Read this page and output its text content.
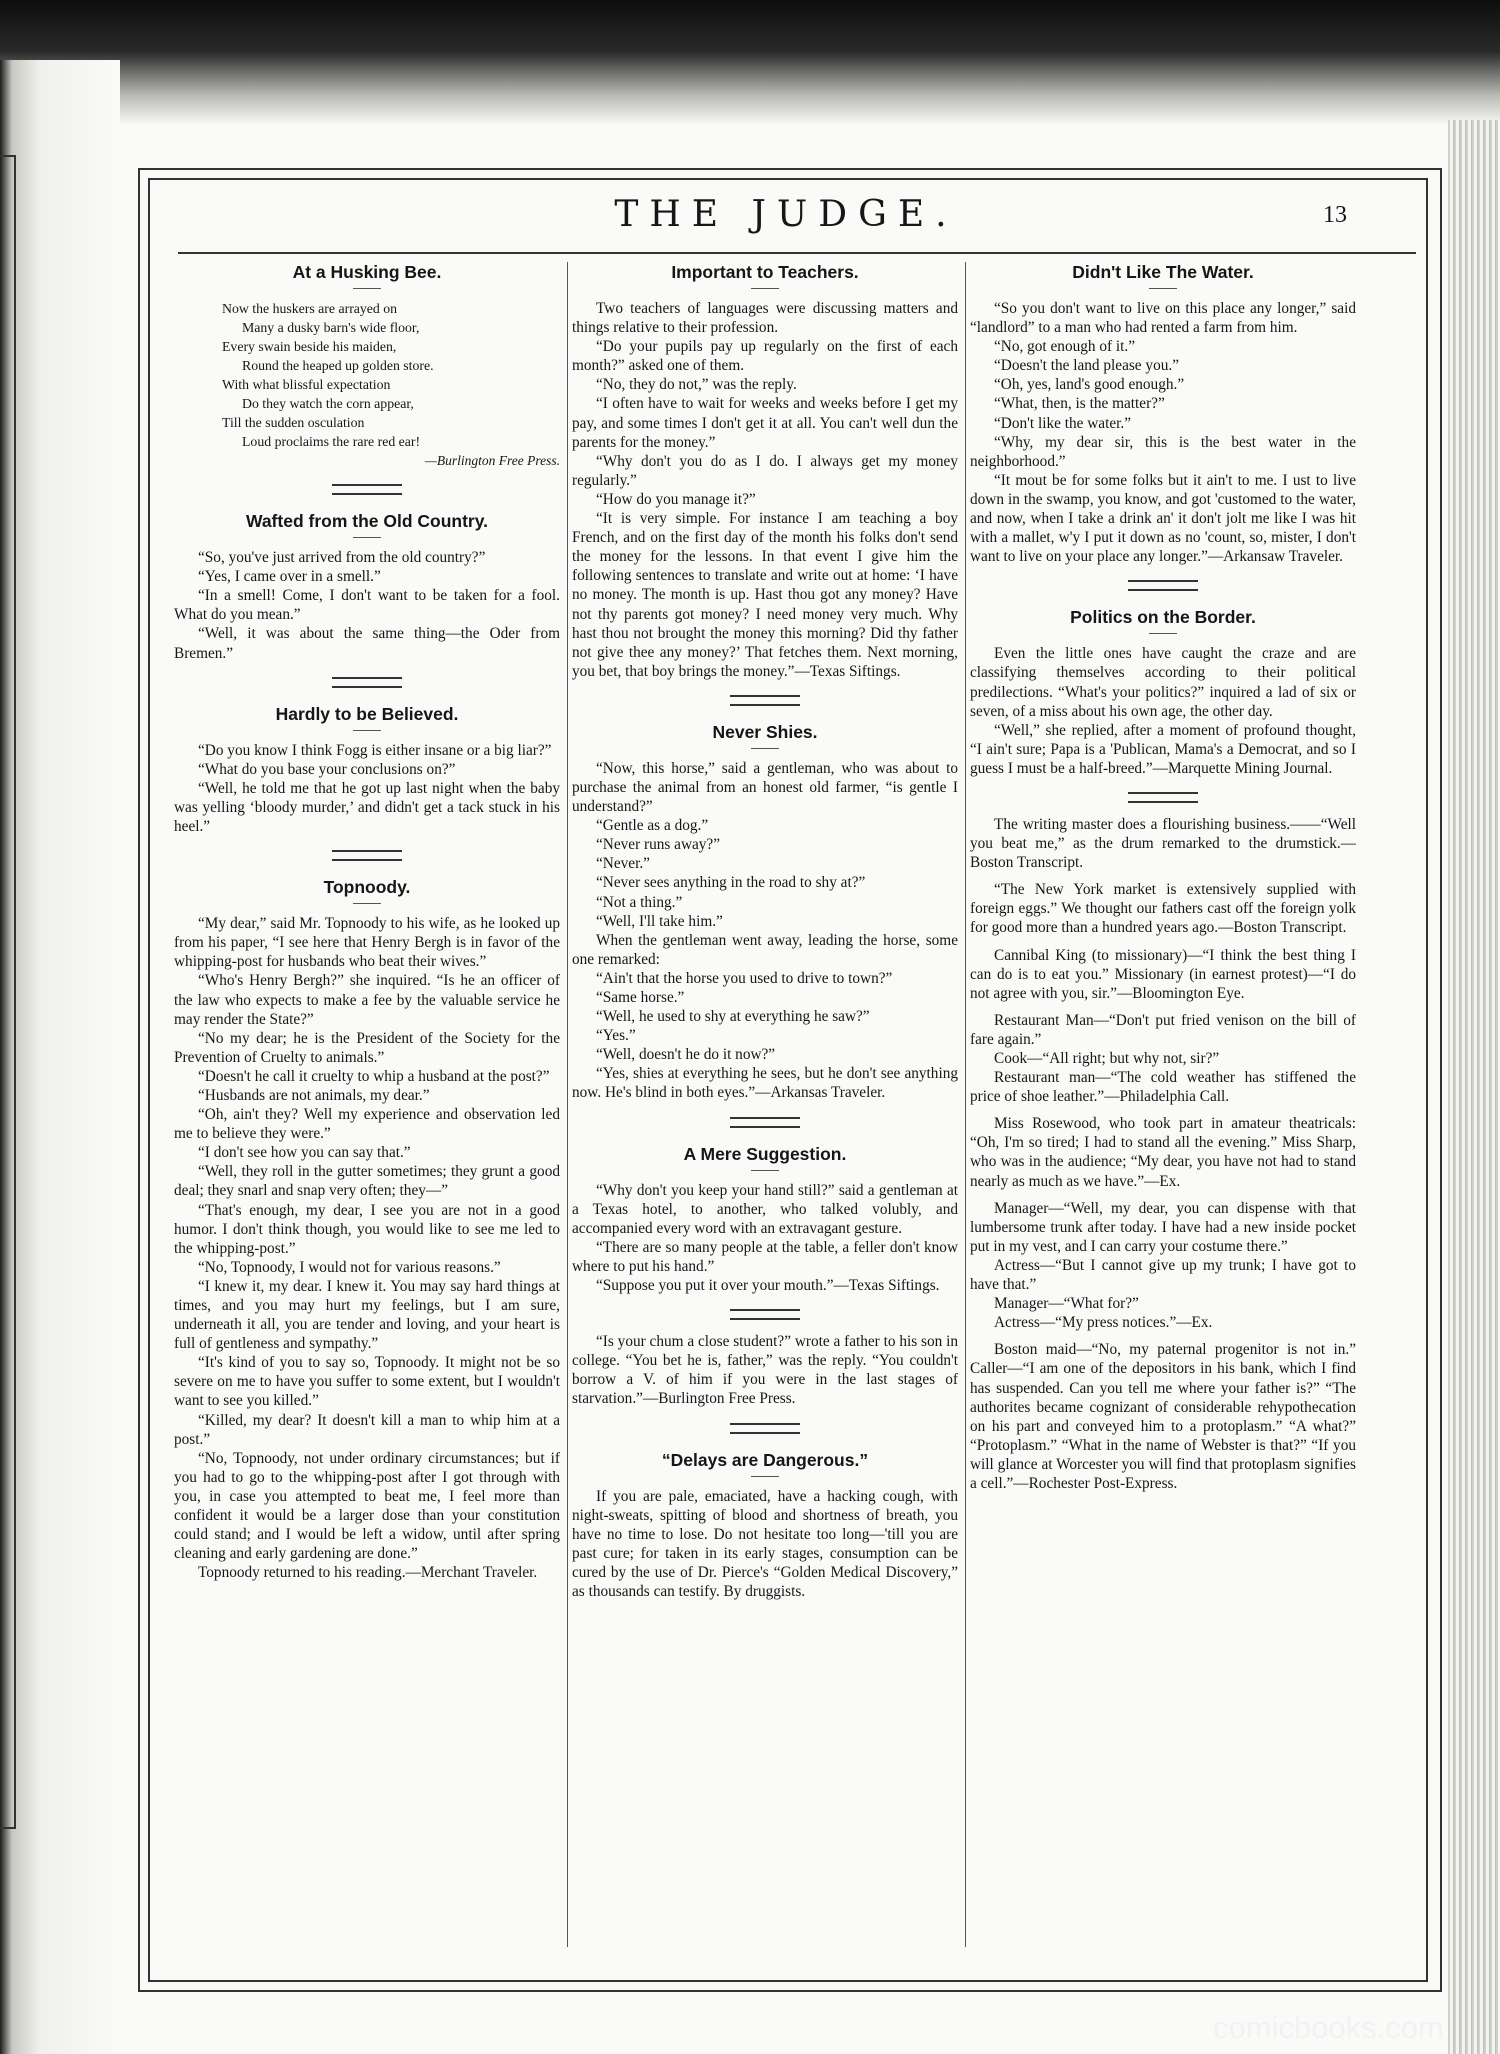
THE JUDGE.	13

At a Husking Bee.
Now the huskers are arrayed on
Many a dusky barn's wide floor,
Every swain beside his maiden,
Round the heaped up golden store.
With what blissful expectation
Do they watch the corn appear,
Till the sudden osculation
Loud proclaims the rare red ear!

—Burlington Free Press.

Wafted from the Old Country.

“So, you've just arrived from the old country?”

“Yes, I came over in a smell.”

“In a smell! Come, I don't want to be taken for a fool. What do you mean.”

“Well, it was about the same thing—the Oder from Bremen.”

Hardly to be Believed.

“Do you know I think Fogg is either insane or a big liar?”

“What do you base your conclusions on?”

“Well, he told me that he got up last night when the baby was yelling ‘bloody murder,’ and didn't get a tack stuck in his heel.”

Topnoody.

“My dear,” said Mr. Topnoody to his wife, as he looked up from his paper, “I see here that Henry Bergh is in favor of the whipping-post for husbands who beat their wives.”

“Who's Henry Bergh?” she inquired. “Is he an officer of the law who expects to make a fee by the valuable service he may render the State?”

“No my dear; he is the President of the Society for the Prevention of Cruelty to animals.”

“Doesn't he call it cruelty to whip a husband at the post?”

“Husbands are not animals, my dear.”

“Oh, ain't they? Well my experience and observation led me to believe they were.”

“I don't see how you can say that.”

“Well, they roll in the gutter sometimes; they grunt a good deal; they snarl and snap very often; they—”

“That's enough, my dear, I see you are not in a good humor. I don't think though, you would like to see me led to the whipping-post.”

“No, Topnoody, I would not for various reasons.”

“I knew it, my dear. I knew it. You may say hard things at times, and you may hurt my feelings, but I am sure, underneath it all, you are tender and loving, and your heart is full of gentleness and sympathy.”

“It's kind of you to say so, Topnoody. It might not be so severe on me to have you suffer to some extent, but I wouldn't want to see you killed.”

“Killed, my dear? It doesn't kill a man to whip him at a post.”

“No, Topnoody, not under ordinary circumstances; but if you had to go to the whipping-post after I got through with you, in case you attempted to beat me, I feel more than confident it would be a larger dose than your constitution could stand; and I would be left a widow, until after spring cleaning and early gardening are done.”

Topnoody returned to his reading.—Merchant Traveler.

Important to Teachers.

Two teachers of languages were discussing matters and things relative to their profession.

“Do your pupils pay up regularly on the first of each month?” asked one of them.

“No, they do not,” was the reply.

“I often have to wait for weeks and weeks before I get my pay, and some times I don't get it at all. You can't well dun the parents for the money.”

“Why don't you do as I do. I always get my money regularly.”

“How do you manage it?”

“It is very simple. For instance I am teaching a boy French, and on the first day of the month his folks don't send the money for the lessons. In that event I give him the following sentences to translate and write out at home: ‘I have no money. The month is up. Hast thou got any money? Have not thy parents got money? I need money very much. Why hast thou not brought the money this morning? Did thy father not give thee any money?’ That fetches them. Next morning, you bet, that boy brings the money.”—Texas Siftings.

Never Shies.

“Now, this horse,” said a gentleman, who was about to purchase the animal from an honest old farmer, “is gentle I understand?”

“Gentle as a dog.”

“Never runs away?”

“Never.”

“Never sees anything in the road to shy at?”

“Not a thing.”

“Well, I'll take him.”

When the gentleman went away, leading the horse, some one remarked:

“Ain't that the horse you used to drive to town?”

“Same horse.”

“Well, he used to shy at everything he saw?”

“Yes.”

“Well, doesn't he do it now?”

“Yes, shies at everything he sees, but he don't see anything now. He's blind in both eyes.”—Arkansas Traveler.

A Mere Suggestion.

“Why don't you keep your hand still?” said a gentleman at a Texas hotel, to another, who talked volubly, and accompanied every word with an extravagant gesture.

“There are so many people at the table, a feller don't know where to put his hand.”

“Suppose you put it over your mouth.”—Texas Siftings.

“Is your chum a close student?” wrote a father to his son in college. “You bet he is, father,” was the reply. “You couldn't borrow a V. of him if you were in the last stages of starvation.”—Burlington Free Press.

“Delays are Dangerous.”

If you are pale, emaciated, have a hacking cough, with night-sweats, spitting of blood and shortness of breath, you have no time to lose. Do not hesitate too long—'till you are past cure; for taken in its early stages, consumption can be cured by the use of Dr. Pierce's “Golden Medical Discovery,” as thousands can testify. By druggists.

Didn't Like The Water.

“So you don't want to live on this place any longer,” said “landlord” to a man who had rented a farm from him.

“No, got enough of it.”

“Doesn't the land please you.”

“Oh, yes, land's good enough.”

“What, then, is the matter?”

“Don't like the water.”

“Why, my dear sir, this is the best water in the neighborhood.”

“It mout be for some folks but it ain't to me. I ust to live down in the swamp, you know, and got 'customed to the water, and now, when I take a drink an' it don't jolt me like I was hit with a mallet, w'y I put it down as no 'count, so, mister, I don't want to live on your place any longer.”—Arkansaw Traveler.

Politics on the Border.

Even the little ones have caught the craze and are classifying themselves according to their political predilections. “What's your politics?” inquired a lad of six or seven, of a miss about his own age, the other day.

“Well,” she replied, after a moment of profound thought, “I ain't sure; Papa is a 'Publican, Mama's a Democrat, and so I guess I must be a half-breed.”—Marquette Mining Journal.

The writing master does a flourishing business.——“Well you beat me,” as the drum remarked to the drumstick.—Boston Transcript.

“The New York market is extensively supplied with foreign eggs.” We thought our fathers cast off the foreign yolk for good more than a hundred years ago.—Boston Transcript.

Cannibal King (to missionary)—“I think the best thing I can do is to eat you.” Missionary (in earnest protest)—“I do not agree with you, sir.”—Bloomington Eye.

Restaurant Man—“Don't put fried venison on the bill of fare again.”

Cook—“All right; but why not, sir?”

Restaurant man—“The cold weather has stiffened the price of shoe leather.”—Philadelphia Call.

Miss Rosewood, who took part in amateur theatricals: “Oh, I'm so tired; I had to stand all the evening.” Miss Sharp, who was in the audience; “My dear, you have not had to stand nearly as much as we have.”—Ex.

Manager—“Well, my dear, you can dispense with that lumbersome trunk after today. I have had a new inside pocket put in my vest, and I can carry your costume there.”

Actress—“But I cannot give up my trunk; I have got to have that.”

Manager—“What for?”

Actress—“My press notices.”—Ex.

Boston maid—“No, my paternal progenitor is not in.” Caller—“I am one of the depositors in his bank, which I find has suspended. Can you tell me where your father is?” “The authorites became cognizant of considerable rehypothecation on his part and conveyed him to a protoplasm.” “A what?” “Protoplasm.” “What in the name of Webster is that?” “If you will glance at Worcester you will find that protoplasm signifies a cell.”—Rochester Post-Express.

comicbooks.com
